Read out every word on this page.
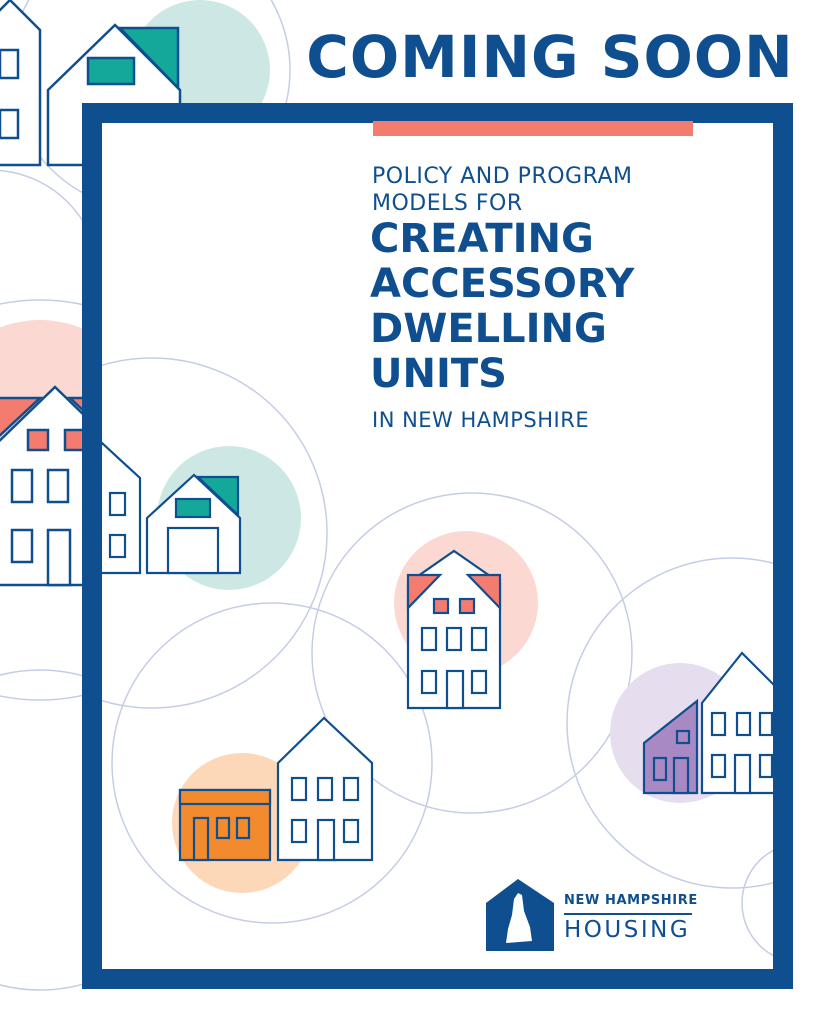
COMING SOON
POLICY AND PROGRAM
MODELS FOR
CREATING
ACCESSORY
DWELLING
UNITS
IN NEW HAMPSHIRE
NEW HAMPSHIRE
HOUSING
